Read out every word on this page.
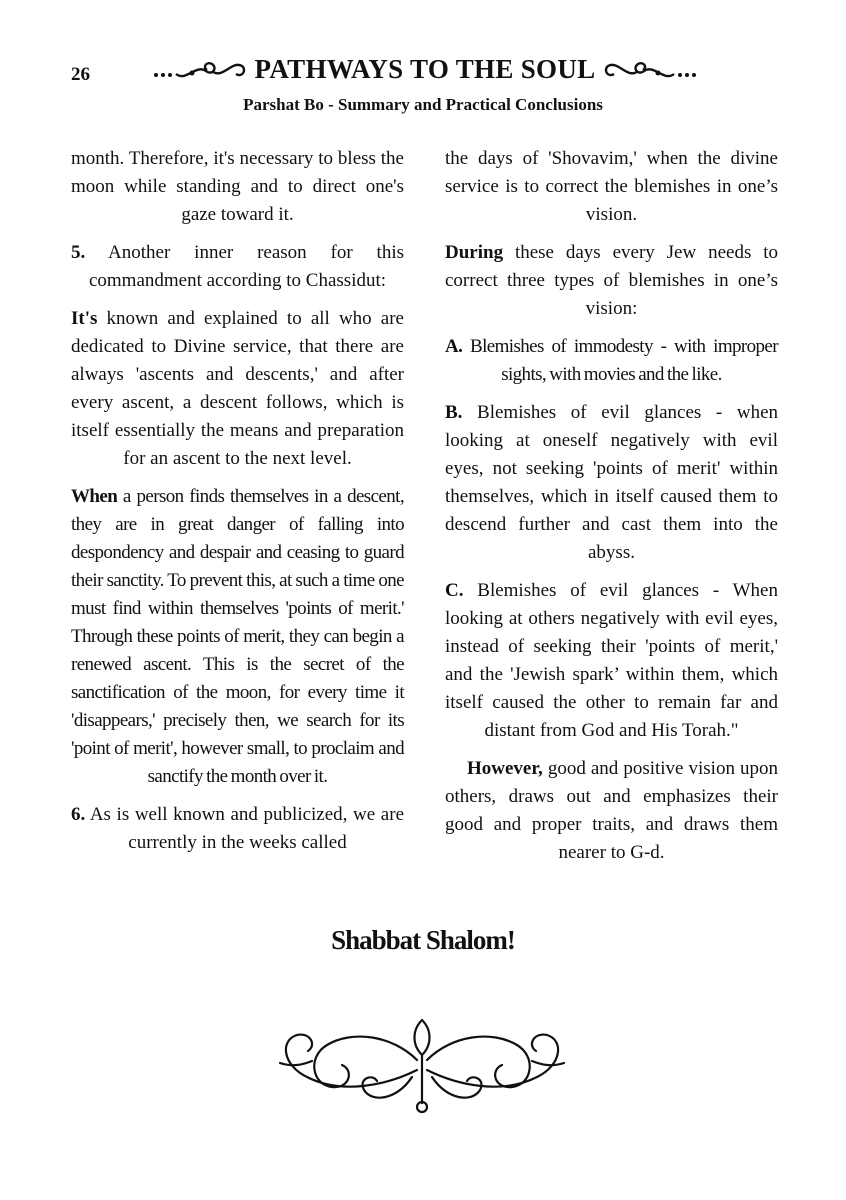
26	PATHWAYS TO THE SOUL
Parshat Bo - Summary and Practical Conclusions

month. Therefore, it's necessary to bless the moon while standing and to direct one's gaze toward it.

5. Another inner reason for this commandment according to Chassidut:

It's known and explained to all who are dedicated to Divine service, that there are always 'ascents and descents,' and after every ascent, a descent follows, which is itself essentially the means and preparation for an ascent to the next level.

When a person finds themselves in a descent, they are in great danger of falling into despondency and despair and ceasing to guard their sanctity. To prevent this, at such a time one must find within themselves 'points of merit.' Through these points of merit, they can begin a renewed ascent. This is the secret of the sanctification of the moon, for every time it 'disappears,' precisely then, we search for its 'point of merit', however small, to proclaim and sanctify the month over it.

6. As is well known and publicized, we are currently in the weeks called

the days of 'Shovavim,' when the divine service is to correct the blemishes in one’s vision.

During these days every Jew needs to correct three types of blemishes in one’s vision:

A. Blemishes of immodesty - with improper sights, with movies and the like.

B. Blemishes of evil glances - when looking at oneself negatively with evil eyes, not seeking 'points of merit' within themselves, which in itself caused them to descend further and cast them into the abyss.

C. Blemishes of evil glances - When looking at others negatively with evil eyes, instead of seeking their 'points of merit,' and the 'Jewish spark’ within them, which itself caused the other to remain far and distant from God and His Torah."

However, good and positive vision upon others, draws out and emphasizes their good and proper traits, and draws them nearer to G-d.

Shabbat Shalom!
